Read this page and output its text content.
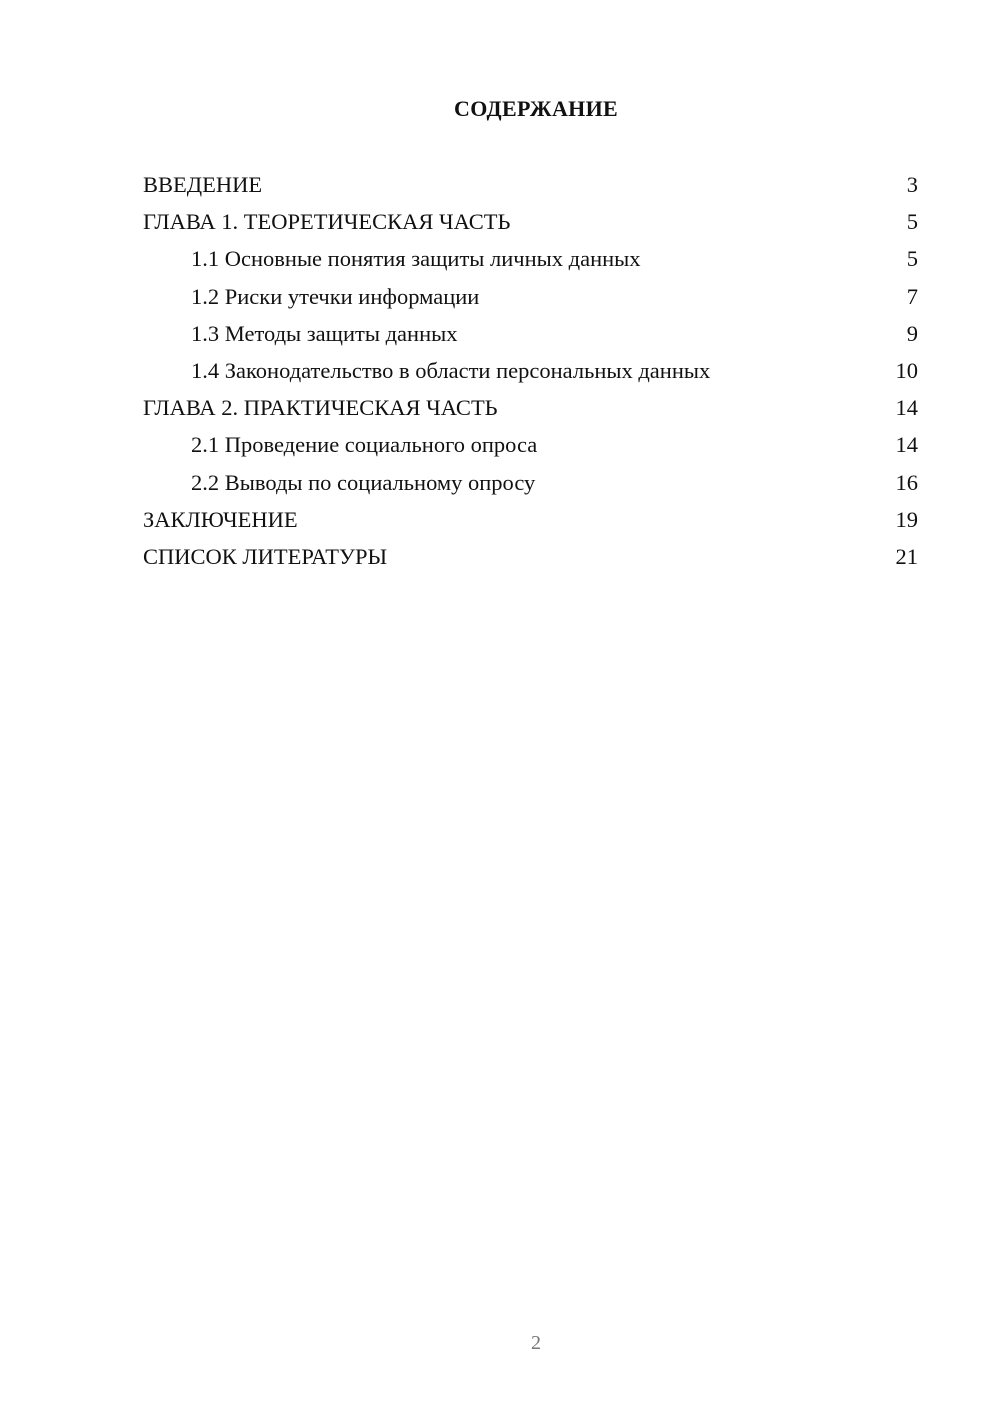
СОДЕРЖАНИЕ
ВВЕДЕНИЕ	3
ГЛАВА 1. ТЕОРЕТИЧЕСКАЯ ЧАСТЬ	5
1.1 Основные понятия защиты личных данных	5
1.2 Риски утечки информации	7
1.3 Методы защиты данных	9
1.4 Законодательство в области персональных данных	10
ГЛАВА 2. ПРАКТИЧЕСКАЯ ЧАСТЬ	14
2.1 Проведение социального опроса	14
2.2 Выводы по социальному опросу	16
ЗАКЛЮЧЕНИЕ	19
СПИСОК ЛИТЕРАТУРЫ	21
2
